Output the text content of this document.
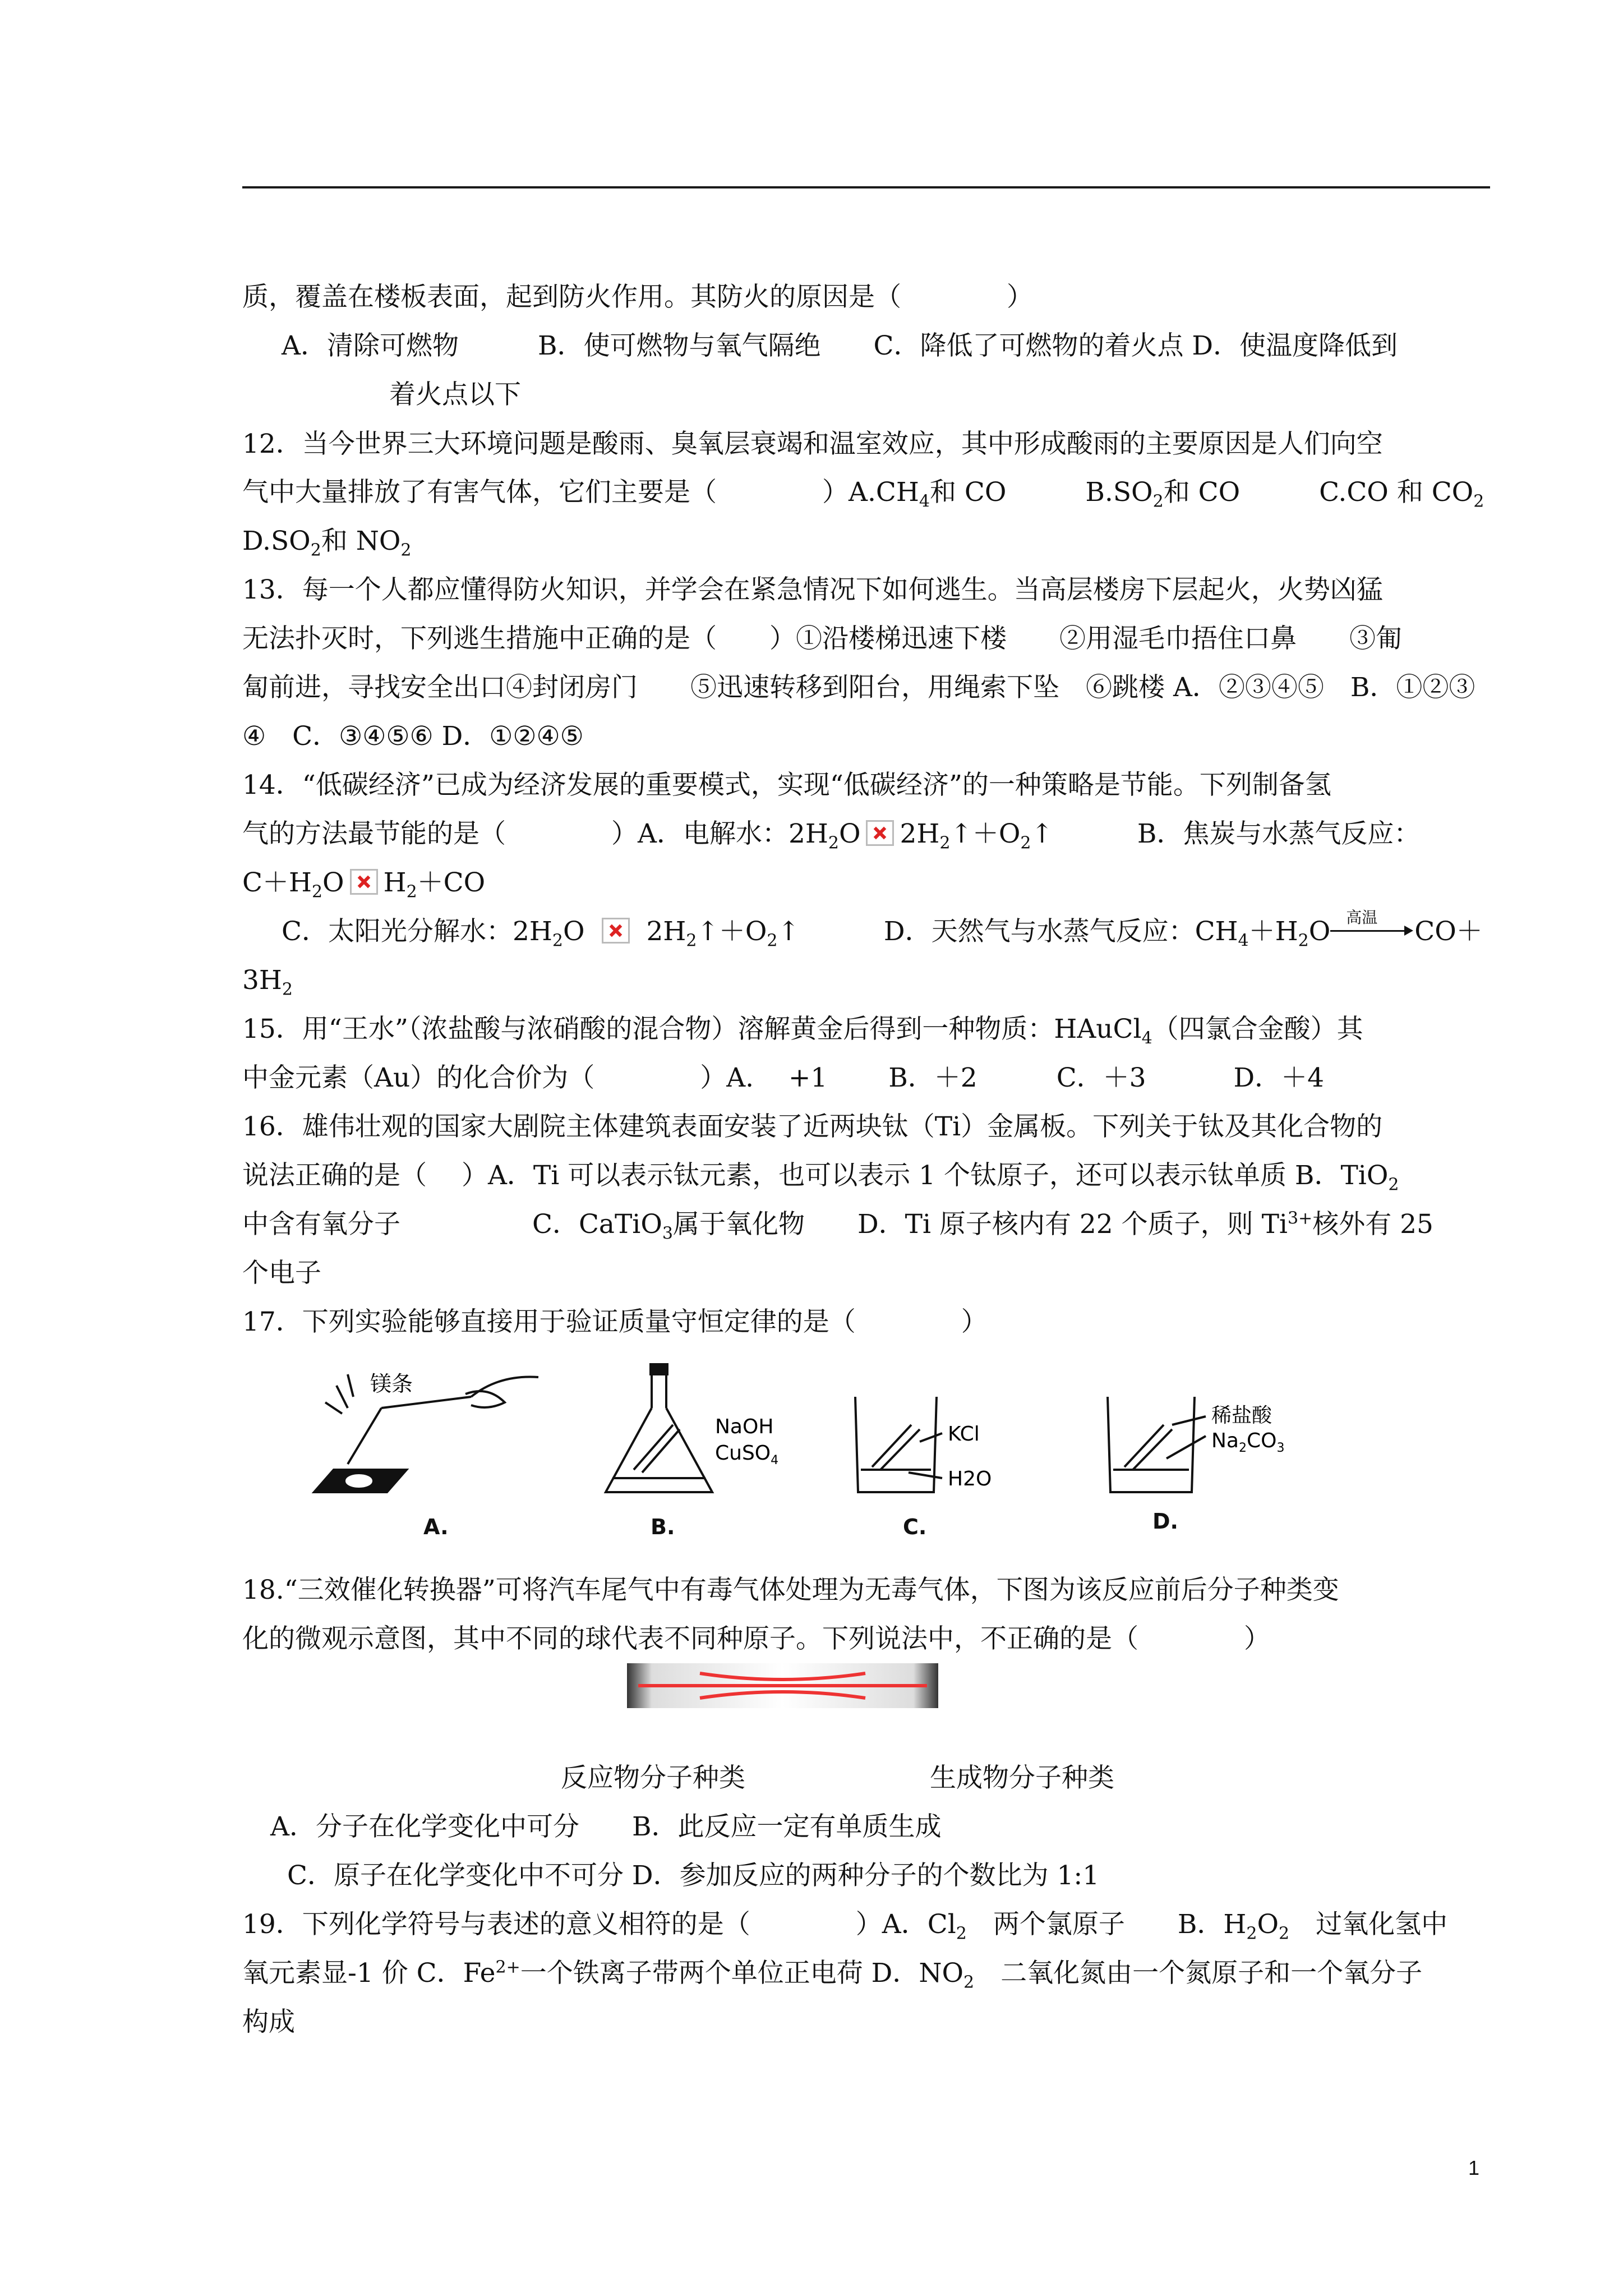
质，覆盖在楼板表面，起到防火作用。其防火的原因是（　　　　）
A．清除可燃物　　　B．使可燃物与氧气隔绝　　C．降低了可燃物的着火点 D．使温度降低到
着火点以下
12．当今世界三大环境问题是酸雨、臭氧层衰竭和温室效应，其中形成酸雨的主要原因是人们向空
气中大量排放了有害气体，它们主要是（　　　　）$A.CH_4$和 CO　　　$B.SO_2$和 CO　　　C.CO 和 $CO_2$
$D.SO_2$和 $NO_2$
13．每一个人都应懂得防火知识，并学会在紧急情况下如何逃生。当高层楼房下层起火，火势凶猛
无法扑灭时，下列逃生措施中正确的是（　　）①沿楼梯迅速下楼　　②用湿毛巾捂住口鼻　　③匍
匐前进，寻找安全出口④封闭房门　　⑤迅速转移到阳台，用绳索下坠　⑥跳楼 A．②③④⑤　B．①②③
④　C．③④⑤⑥ D．①②④⑤
14．“低碳经济”已成为经济发展的重要模式，实现“低碳经济”的一种策略是节能。下列制备氢
气的方法最节能的是（　　　　）A．电解水：$2H_2O$ $2H_2↑+O_2↑$	B．焦炭与水蒸气反应：
$C+H_2O$ $H_2+CO$
C．太阳光分解水：$2H_2O$ $2H_2↑+O_2↑$	D．天然气与水蒸气反应：$CH_4+H_2O$ 高温 CO＋
$3H_2$
15．用“王水”（浓盐酸与浓硝酸的混合物）溶解黄金后得到一种物质：HAuCl$_4$（四氯合金酸）其
中金元素（Au）的化合价为（　　　　）A.　 +1　　 B．＋2　　　C．＋3　　　 D．＋4
16．雄伟壮观的国家大剧院主体建筑表面安装了近两块钛（Ti）金属板。下列关于钛及其化合物的
说法正确的是（　 ）A．Ti 可以表示钛元素，也可以表示 1 个钛原子，还可以表示钛单质 B．TiO$_2$
中含有氧分子　　　　　C．CaTiO$_3$属于氧化物　　D．Ti 原子核内有 22 个质子，则 $Ti^{3+}$核外有 25
个电子
17．下列实验能够直接用于验证质量守恒定律的是（　　　　）
镁条
NaOH
CuSO$_4$
KCl
H2O
稀盐酸
$Na_2CO_3$
A.	B.	C.	D.
18.“三效催化转换器”可将汽车尾气中有毒气体处理为无毒气体，下图为该反应前后分子种类变
化的微观示意图，其中不同的球代表不同种原子。下列说法中，不正确的是（　　　　）
反应物分子种类　　　　　　　生成物分子种类
A．分子在化学变化中可分　　B．此反应一定有单质生成
C．原子在化学变化中不可分 D．参加反应的两种分子的个数比为 1:1
19．下列化学符号与表述的意义相符的是（　　　　）A．$Cl_2$　 两个氯原子　　B．$H_2O_2$　 过氧化氢中
氧元素显-1 价 C．$Fe^{2+}$一个铁离子带两个单位正电荷 D．$NO_2$　 二氧化氮由一个氮原子和一个氧分子
构成
1
